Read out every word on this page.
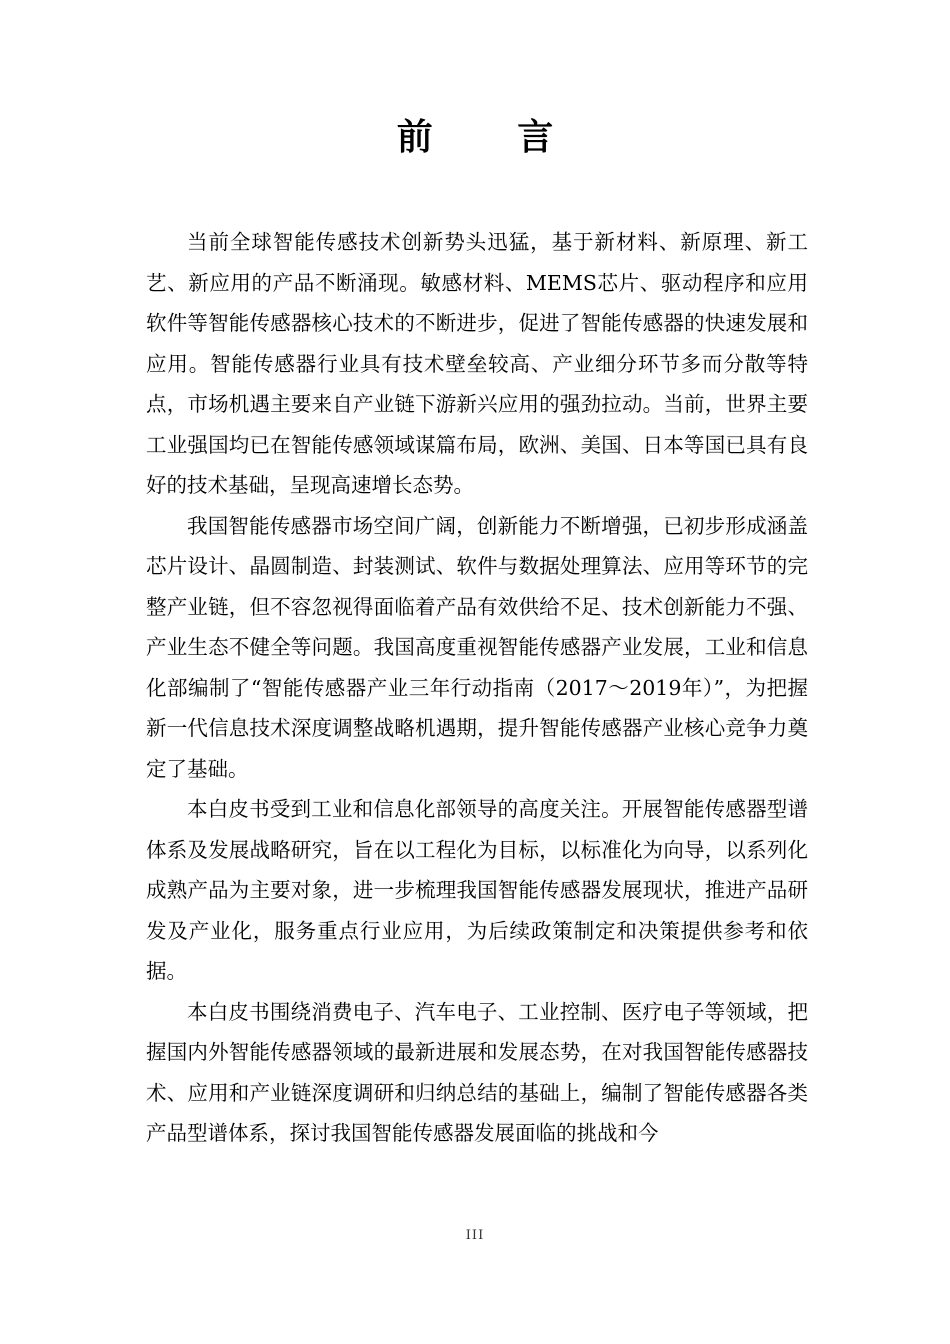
前 言

当前全球智能传感技术创新势头迅猛，基于新材料、新原理、新工艺、新应用的产品不断涌现。敏感材料、MEMS芯片、驱动程序和应用软件等智能传感器核心技术的不断进步，促进了智能传感器的快速发展和应用。智能传感器行业具有技术壁垒较高、产业细分环节多而分散等特点，市场机遇主要来自产业链下游新兴应用的强劲拉动。当前，世界主要工业强国均已在智能传感领域谋篇布局，欧洲、美国、日本等国已具有良好的技术基础，呈现高速增长态势。

我国智能传感器市场空间广阔，创新能力不断增强，已初步形成涵盖芯片设计、晶圆制造、封装测试、软件与数据处理算法、应用等环节的完整产业链，但不容忽视得面临着产品有效供给不足、技术创新能力不强、产业生态不健全等问题。我国高度重视智能传感器产业发展，工业和信息化部编制了“智能传感器产业三年行动指南（2017～2019年）”，为把握新一代信息技术深度调整战略机遇期，提升智能传感器产业核心竞争力奠定了基础。

本白皮书受到工业和信息化部领导的高度关注。开展智能传感器型谱体系及发展战略研究，旨在以工程化为目标，以标准化为向导，以系列化成熟产品为主要对象，进一步梳理我国智能传感器发展现状，推进产品研发及产业化，服务重点行业应用，为后续政策制定和决策提供参考和依据。

本白皮书围绕消费电子、汽车电子、工业控制、医疗电子等领域，把握国内外智能传感器领域的最新进展和发展态势，在对我国智能传感器技术、应用和产业链深度调研和归纳总结的基础上，编制了智能传感器各类产品型谱体系，探讨我国智能传感器发展面临的挑战和今

III
